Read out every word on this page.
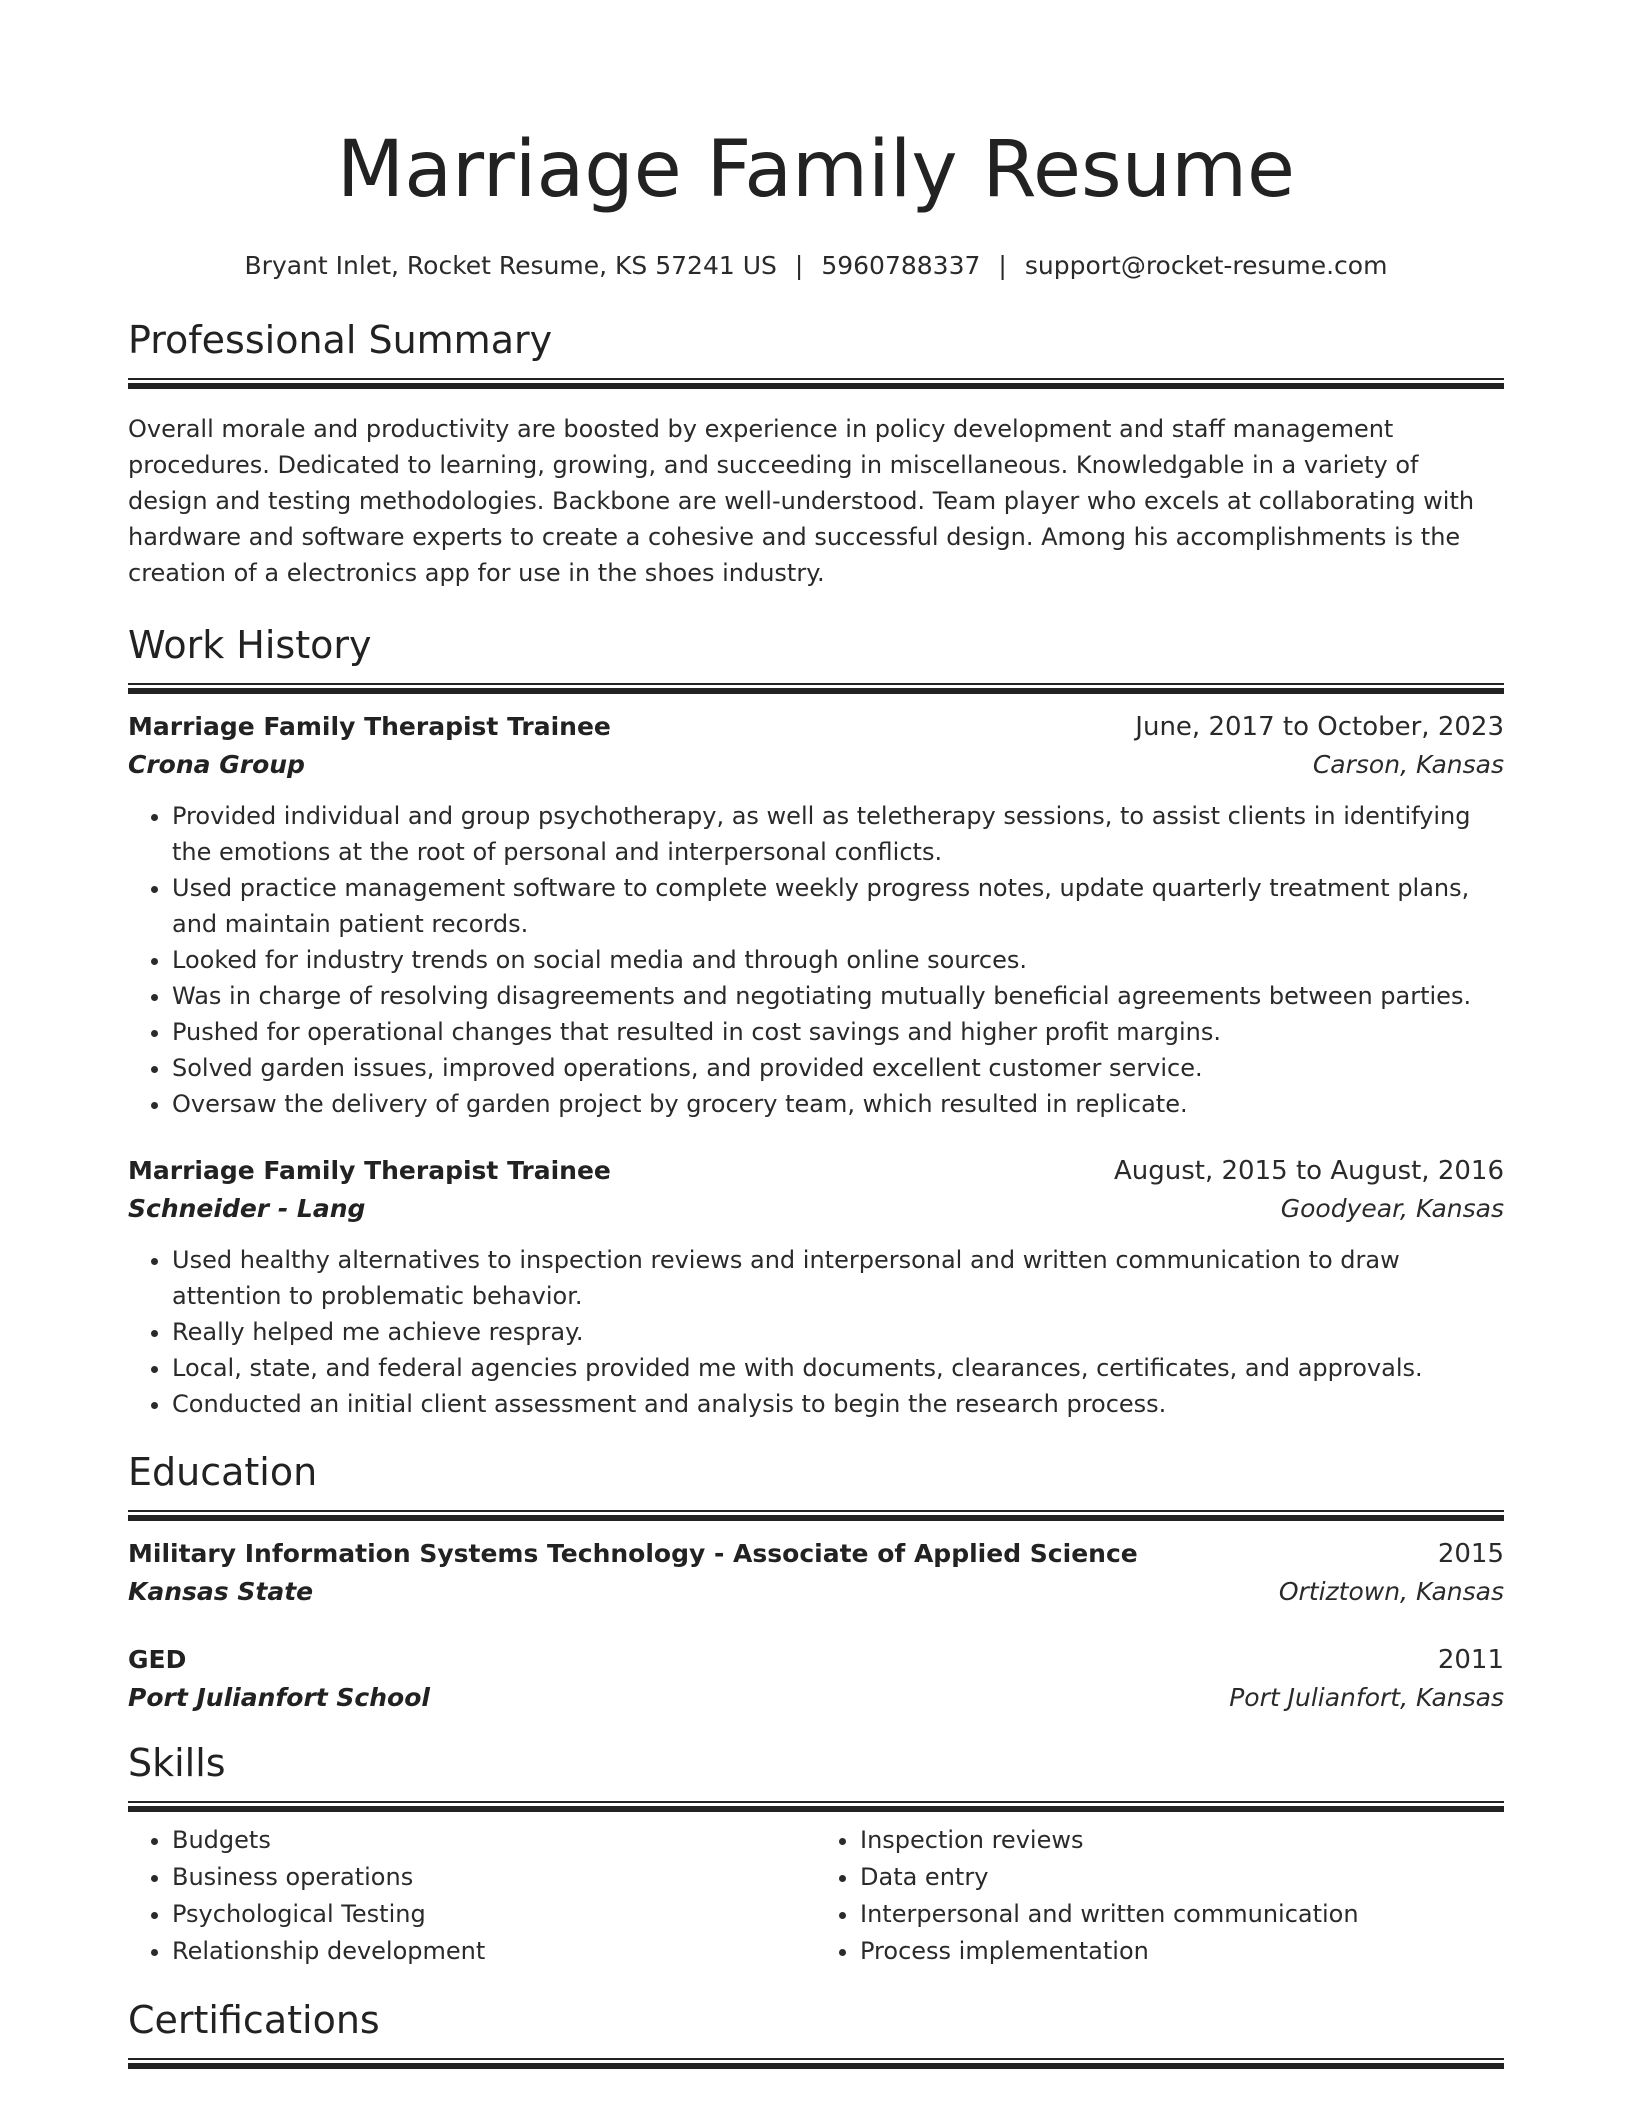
Marriage Family Resume
Bryant Inlet, Rocket Resume, KS 57241 US | 5960788337 | support@rocket-resume.com
Professional Summary

Overall morale and productivity are boosted by experience in policy development and staff management procedures. Dedicated to learning, growing, and succeeding in miscellaneous. Knowledgable in a variety of design and testing methodologies. Backbone are well-understood. Team player who excels at collaborating with hardware and software experts to create a cohesive and successful design. Among his accomplishments is the creation of a electronics app for use in the shoes industry.

Work History
Marriage Family Therapist Trainee	June, 2017 to October, 2023
Crona Group	Carson, Kansas
• Provided individual and group psychotherapy, as well as teletherapy sessions, to assist clients in identifying the emotions at the root of personal and interpersonal conflicts.
• Used practice management software to complete weekly progress notes, update quarterly treatment plans, and maintain patient records.
• Looked for industry trends on social media and through online sources.
• Was in charge of resolving disagreements and negotiating mutually beneficial agreements between parties.
• Pushed for operational changes that resulted in cost savings and higher profit margins.
• Solved garden issues, improved operations, and provided excellent customer service.
• Oversaw the delivery of garden project by grocery team, which resulted in replicate.
Marriage Family Therapist Trainee	August, 2015 to August, 2016
Schneider - Lang	Goodyear, Kansas
• Used healthy alternatives to inspection reviews and interpersonal and written communication to draw attention to problematic behavior.
• Really helped me achieve respray.
• Local, state, and federal agencies provided me with documents, clearances, certificates, and approvals.
• Conducted an initial client assessment and analysis to begin the research process.
Education
Military Information Systems Technology - Associate of Applied Science	2015
Kansas State	Ortiztown, Kansas
GED	2011
Port Julianfort School	Port Julianfort, Kansas
Skills
• Budgets
• Business operations
• Psychological Testing
• Relationship development
• Inspection reviews
• Data entry
• Interpersonal and written communication
• Process implementation
Certifications
